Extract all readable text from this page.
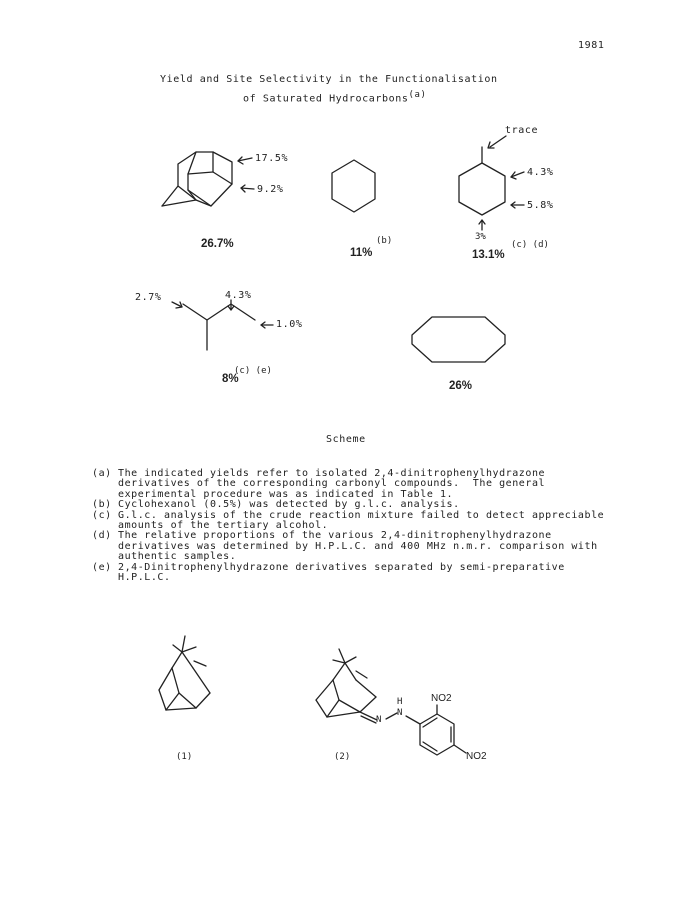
1981
Yield and Site Selectivity in the Functionalisation
of Saturated Hydrocarbons$^{(a)}$
17.5%
9.2%
26.7%	(b)
11%
trace
4.3%
5.8%
3%
(c) (d)
13.1%
2.7%	4.3%
1.0%
(c) (e)
8%
26%
Scheme
(a) The indicated yields refer to isolated 2,4-dinitrophenylhydrazone derivatives of the corresponding carbonyl compounds.  The general experimental procedure was as indicated in Table 1.
(b) Cyclohexanol (0.5%) was detected by g.l.c. analysis.
(c) G.l.c. analysis of the crude reaction mixture failed to detect appreciable amounts of the tertiary alcohol.
(d) The relative proportions of the various 2,4-dinitrophenylhydrazone derivatives was determined by H.P.L.C. and 400 MHz n.m.r. comparison with authentic samples.
(e) 2,4-Dinitrophenylhydrazone derivatives separated by semi-preparative H.P.L.C.
(1)	(2)
H
N
N
NO2
NO2
